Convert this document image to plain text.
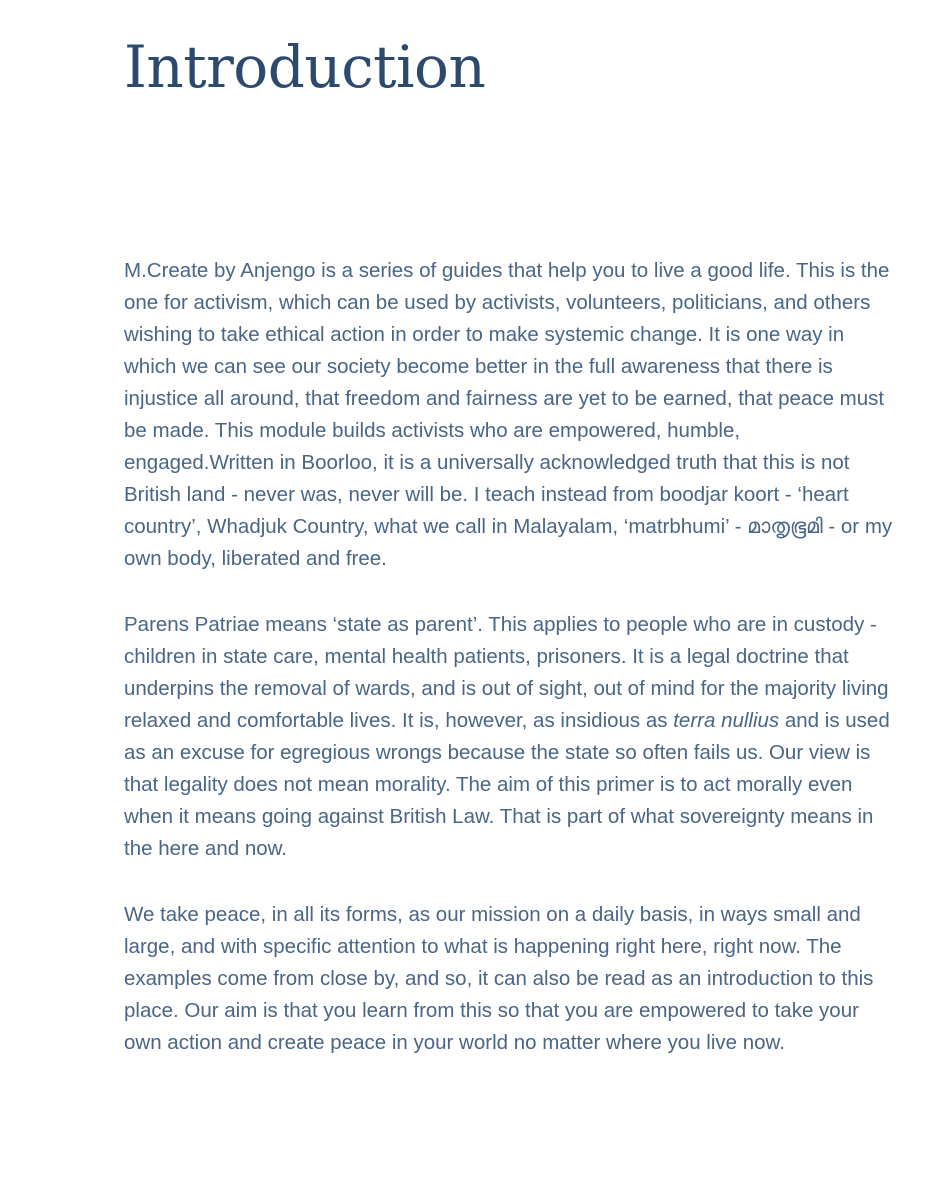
Introduction

M.Create by Anjengo is a series of guides that help you to live a good life. This is the one for activism, which can be used by activists, volunteers, politicians, and others wishing to take ethical action in order to make systemic change. It is one way in which we can see our society become better in the full awareness that there is injustice all around, that freedom and fairness are yet to be earned, that peace must be made. This module builds activists who are empowered, humble, engaged.Written in Boorloo, it is a universally acknowledged truth that this is not British land - never was, never will be. I teach instead from boodjar koort - ‘heart country’, Whadjuk Country, what we call in Malayalam, ‘matrbhumi’ - മാതൃഭൂമി - or my own body, liberated and free.

Parens Patriae means ‘state as parent’. This applies to people who are in custody - children in state care, mental health patients, prisoners. It is a legal doctrine that underpins the removal of wards, and is out of sight, out of mind for the majority living relaxed and comfortable lives. It is, however, as insidious as terra nullius and is used as an excuse for egregious wrongs because the state so often fails us. Our view is that legality does not mean morality. The aim of this primer is to act morally even when it means going against British Law. That is part of what sovereignty means in the here and now.

We take peace, in all its forms, as our mission on a daily basis, in ways small and large, and with specific attention to what is happening right here, right now. The examples come from close by, and so, it can also be read as an introduction to this place. Our aim is that you learn from this so that you are empowered to take your own action and create peace in your world no matter where you live now.
